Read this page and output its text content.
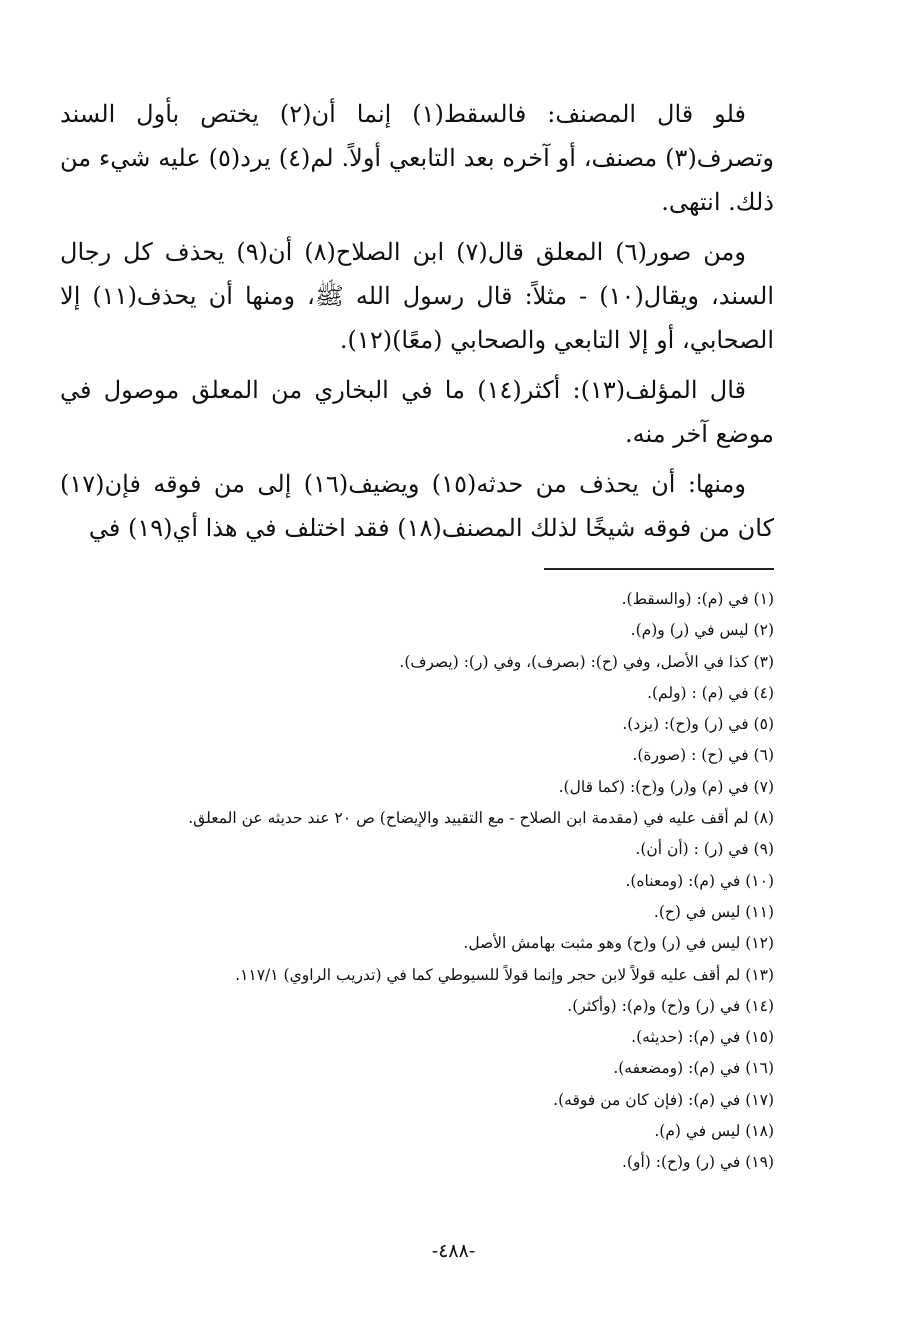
فلو قال المصنف: فالسقط(١) إنما أن(٢) يختص بأول السند وتصرف(٣) مصنف، أو آخره بعد التابعي أولاً. لم(٤) يرد(٥) عليه شيء من ذلك. انتهى.

ومن صور(٦) المعلق قال(٧) ابن الصلاح(٨) أن(٩) يحذف كل رجال السند، ويقال(١٠) - مثلاً: قال رسول الله ﷺ، ومنها أن يحذف(١١) إلا الصحابي، أو إلا التابعي والصحابي (معًا)(١٢).

قال المؤلف(١٣): أكثر(١٤) ما في البخاري من المعلق موصول في موضع آخر منه.

ومنها: أن يحذف من حدثه(١٥) ويضيف(١٦) إلى من فوقه فإن(١٧) كان من فوقه شيخًا لذلك المصنف(١٨) فقد اختلف في هذا أي(١٩) في

(١) في (م): (والسقط).

(٢) ليس في (ر) و(م).

(٣) كذا في الأصل، وفي (ح): (بصرف)، وفي (ر): (يصرف).

(٤) في (م) : (ولم).

(٥) في (ر) و(ح): (يزد).

(٦) في (ح) : (صورة).

(٧) في (م) و(ر) و(ح): (كما قال).

(٨) لم أقف عليه في (مقدمة ابن الصلاح - مع التقييد والإيضاح) ص ٢٠ عند حديثه عن المعلق.

(٩) في (ر) : (أن أن).

(١٠) في (م): (ومعناه).

(١١) ليس في (ح).

(١٢) ليس في (ر) و(ح) وهو مثبت بهامش الأصل.

(١٣) لم أقف عليه قولاً لابن حجر وإنما قولاً للسيوطي كما في (تدريب الراوي) ١١٧/١.

(١٤) في (ر) و(ح) و(م): (وأكثر).

(١٥) في (م): (حديثه).

(١٦) في (م): (ومضعفه).

(١٧) في (م): (فإن كان من فوقه).

(١٨) ليس في (م).

(١٩) في (ر) و(ح): (أو).

-٤٨٨-
